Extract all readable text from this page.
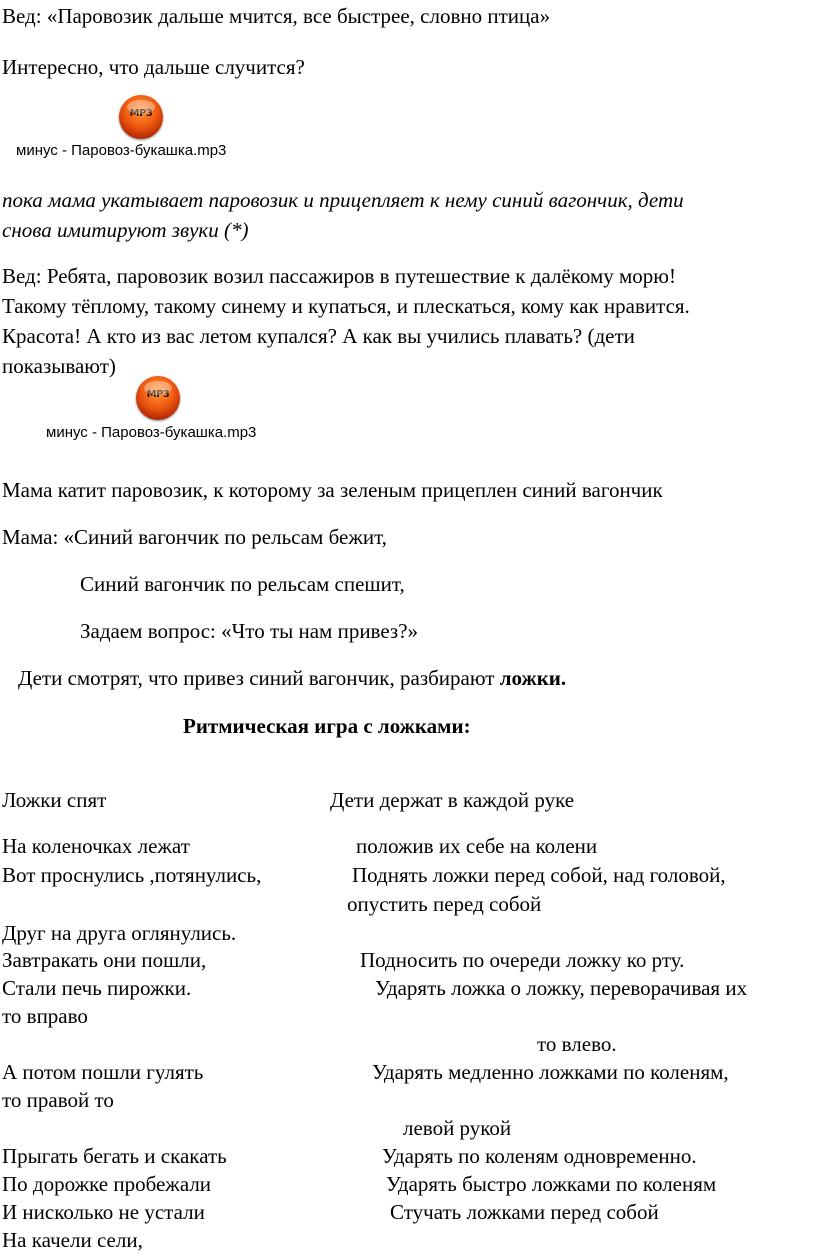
Вед: «Паровозик дальше мчится, все быстрее, словно птица»
Интересно, что дальше случится?
MP3
минус - Паровоз-букашка.mp3
пока мама укатывает паровозик и прицепляет к нему синий вагончик, дети
снова имитируют звуки (*)
Вед: Ребята, паровозик возил пассажиров в путешествие к далёкому морю!
Такому тёплому, такому синему и купаться, и плескаться, кому как нравится.
Красота! А кто из вас летом купался? А как вы учились плавать? (дети
показывают)
MP3
минус - Паровоз-букашка.mp3
Мама катит паровозик, к которому за зеленым прицеплен синий вагончик
Мама: «Синий вагончик по рельсам бежит,
Синий вагончик по рельсам спешит,
Задаем вопрос: «Что ты нам привез?»
Дети смотрят, что привез синий вагончик, разбирают ложки.
Ритмическая игра с ложками:
Ложки спят	Дети держат в каждой руке
На коленочках лежат	положив их себе на колени
Вот проснулись ,потянулись,	Поднять ложки перед собой, над головой,
опустить перед собой
Друг на друга оглянулись.
Завтракать они пошли,	Подносить по очереди ложку ко рту.
Стали печь пирожки.	Ударять ложка о ложку, переворачивая их
то вправо
то влево.
А потом пошли гулять	Ударять медленно ложками по коленям,
то правой то
левой рукой
Прыгать бегать и скакать	Ударять по коленям одновременно.
По дорожке пробежали	Ударять быстро ложками по коленям
И нисколько не устали	Стучать ложками перед собой
На качели сели,
